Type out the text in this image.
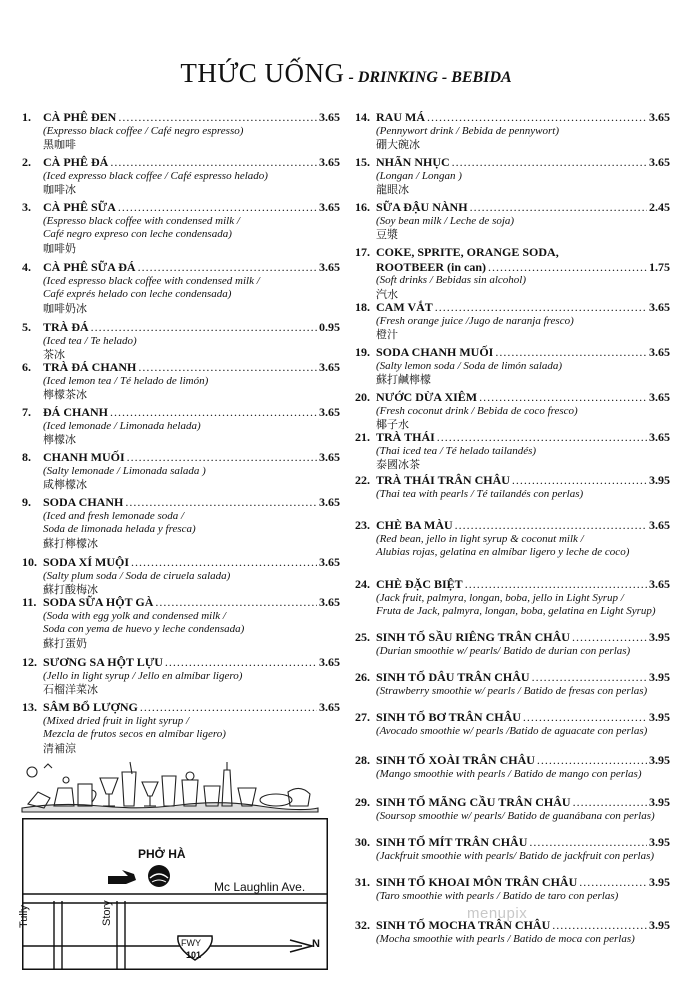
THỨC UỐNG - DRINKING - BEBIDA
1.	CÀ PHÊ ĐEN .....	3.65
(Expresso black coffee / Café negro espresso)
黑咖啡
2.	CÀ PHÊ ĐÁ .....	3.65
(Iced expresso black coffee / Café espresso helado)
咖啡冰
3.	CÀ PHÊ SỮA .....	3.65
(Espresso black coffee with condensed milk /
Café negro expreso con leche condensada)
咖啡奶
4.	CÀ PHÊ SỮA ĐÁ .....	3.65
(Iced espresso black coffee with condensed milk /
Café exprés helado con leche condensada)
咖啡奶冰
5.	TRÀ ĐÁ .....	0.95
(Iced tea / Te helado)
茶冰
6.	TRÀ ĐÁ CHANH .....	3.65
(Iced lemon tea / Té helado de limón)
檸檬茶冰
7.	ĐÁ CHANH .....	3.65
(Iced lemonade / Limonada helada)
檸檬冰
8.	CHANH MUỐI .....	3.65
(Salty lemonade / Limonada salada )
咸檸檬冰
9.	SODA CHANH .....	3.65
(Iced and fresh lemonade soda /
Soda de limonada helada y fresca)
蘇打檸檬冰
10. SODA XÍ MUỘI .....	3.65
(Salty plum soda / Soda de ciruela salada)
蘇打酸梅冰
11. SODA SỮA HỘT GÀ .....	3.65
(Soda with egg yolk and condensed milk /
Soda con yema de huevo y leche condensada)
蘇打蛋奶
12. SƯƠNG SA HỘT LỰU .....	3.65
(Jello in light syrup / Jello en almíbar ligero)
石榴洋菜冰
13. SÂM BỔ LƯỢNG .....	3.65
(Mixed dried fruit in light syrup /
Mezcla de frutos secos en almíbar ligero)
清補涼
14. RAU MÁ .....	3.65
(Pennywort drink / Bebida de pennywort)
硼大碗冰
15. NHÃN NHỤC .....	3.65
(Longan / Longan )
龍眼冰
16. SỮA ĐẬU NÀNH .....	2.45
(Soy bean milk / Leche de soja)
豆漿
17. COKE, SPRITE, ORANGE SODA,
ROOTBEER (in can) .....	1.75
(Soft drinks / Bebidas sin alcohol)
汽水
18. CAM VẮT .....	3.65
(Fresh orange juice /Jugo de naranja fresco)
橙汁
19. SODA CHANH MUỐI .....	3.65
(Salty lemon soda / Soda de limón salada)
蘇打鹹檸檬
20. NƯỚC DỪA XIÊM .....	3.65
(Fresh coconut drink / Bebida de coco fresco)
椰子水
21. TRÀ THÁI .....	3.65
(Thai iced tea / Té helado tailandés)
泰國冰茶
22. TRÀ THÁI TRÂN CHÂU .....	3.95
(Thai tea with pearls / Té tailandés con perlas)
23. CHÈ BA MÀU .....	3.65
(Red bean, jello in light syrup & coconut milk /
Alubias rojas, gelatina en almíbar ligero y leche de coco)
24. CHÈ ĐẶC BIỆT .....	3.65
(Jack fruit, palmyra, longan, boba, jello in Light Syrup /
Fruta de Jack, palmyra, longan, boba, gelatina en Light Syrup)
25. SINH TỐ SẦU RIÊNG TRÂN CHÂU .....	3.95
(Durian smoothie w/ pearls/ Batido de durian con perlas)
26. SINH TỐ DÂU TRÂN CHÂU .....	3.95
(Strawberry smoothie w/ pearls / Batido de fresas con perlas)
27. SINH TỐ BƠ TRÂN CHÂU .....	3.95
(Avocado smoothie w/ pearls /Batido de aguacate con perlas)
28. SINH TỐ XOÀI TRÂN CHÂU .....	3.95
(Mango smoothie with pearls / Batido de mango con perlas)
29. SINH TỐ MÃNG CẦU TRÂN CHÂU .....	3.95
(Soursop smoothie w/ pearls/ Batido de guanábana con perlas)
30. SINH TỐ MÍT TRÂN CHÂU .....	3.95
(Jackfruit smoothie with pearls/ Batido de jackfruit con perlas)
31. SINH TỐ KHOAI MÔN TRÂN CHÂU .....	3.95
(Taro smoothie with pearls / Batido de taro con perlas)
32. SINH TỐ MOCHA TRÂN CHÂU .....	3.95
(Mocha smoothie with pearls / Batido de moca con perlas)
PHỞ HÀ
Mc Laughlin Ave.
Tully	Story
FWY
101
N
menupix
